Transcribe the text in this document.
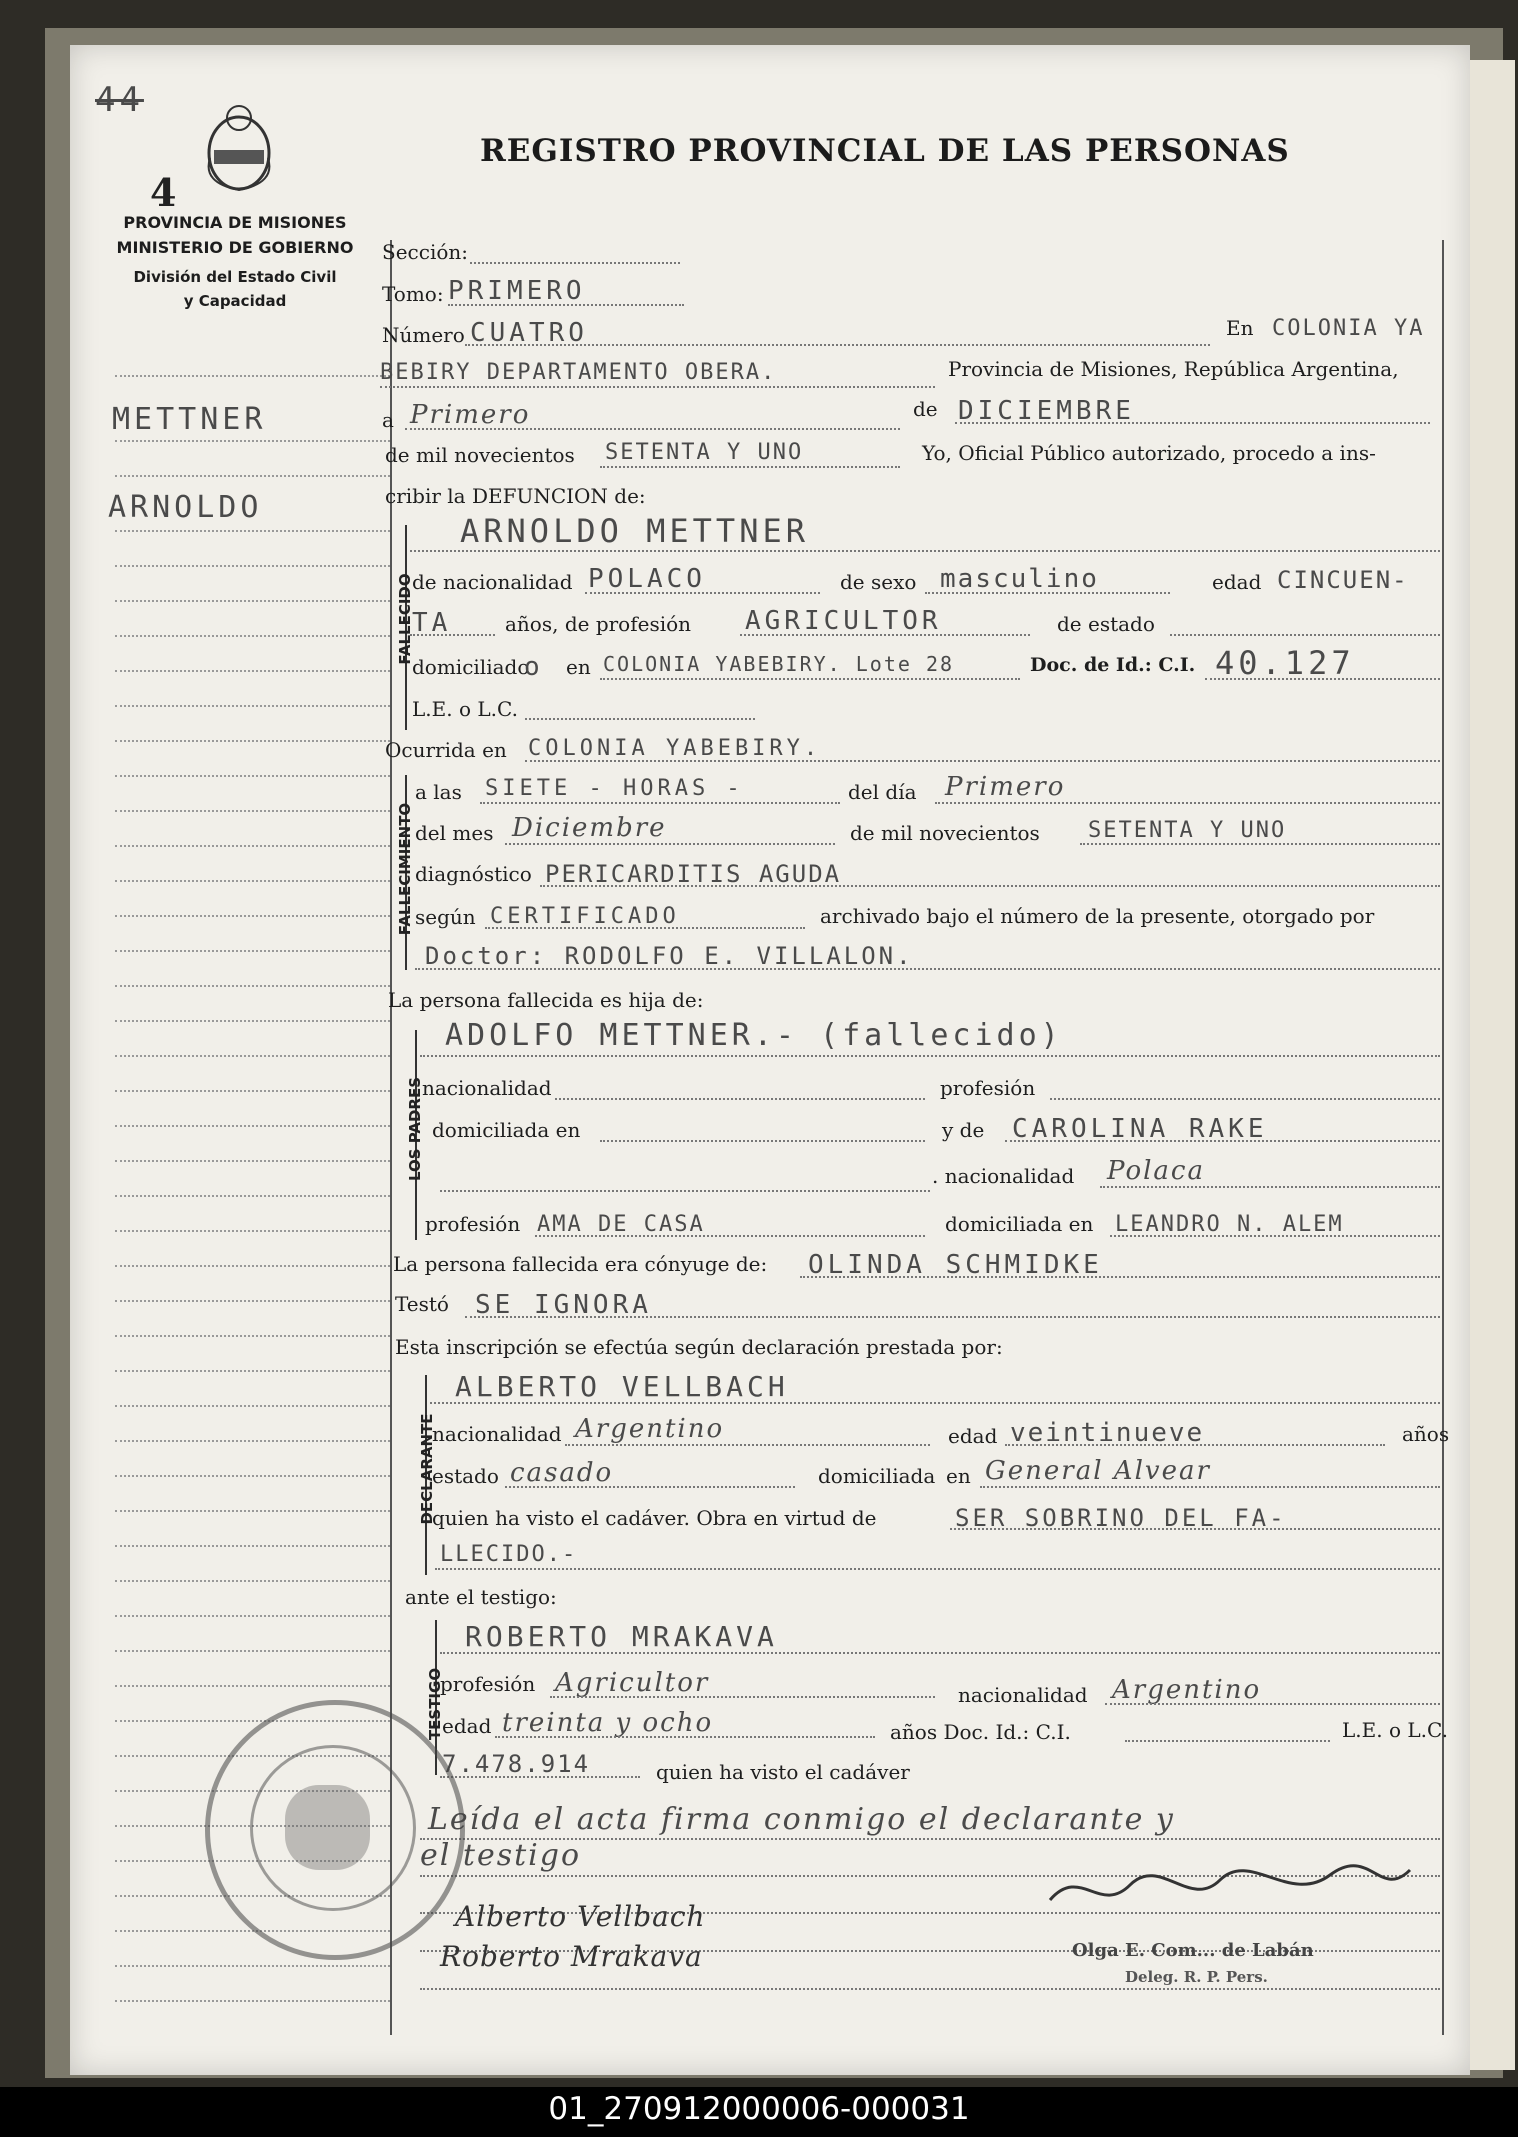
44
4
PROVINCIA DE MISIONES
MINISTERIO DE GOBIERNO
División del Estado Civil
y Capacidad
REGISTRO PROVINCIAL DE LAS PERSONAS
METTNER
ARNOLDO
Sección:
Tomo: PRIMERO
Número CUATRO	En COLONIA YA
BEBIRY DEPARTAMENTO OBERA.	Provincia de Misiones, República Argentina,
a Primero	de DICIEMBRE
de mil novecientos SETENTA Y UNO	Yo, Oficial Público autorizado, procedo a ins-
cribir la DEFUNCION de:
FALLECIDO
ARNOLDO METTNER
de nacionalidad POLACO	de sexo masculino	edad CINCUEN-
TA	años, de profesión AGRICULTOR	de estado
domiciliado
o en COLONIA YABEBIRY. Lote 28	Doc. de Id.: C.I. 40.127
L.E. o L.C.
Ocurrida en COLONIA YABEBIRY.
FALLECIMIENTO
a las SIETE - HORAS -	del día Primero
del mes Diciembre	de mil novecientos SETENTA Y UNO
diagnóstico PERICARDITIS AGUDA
según CERTIFICADO	archivado bajo el número de la presente, otorgado por
Doctor: RODOLFO E. VILLALON.
La persona fallecida es hija de:
LOS PADRES
ADOLFO METTNER.- (fallecido)
nacionalidad	profesión
domiciliada en	y de CAROLINA RAKE
. nacionalidad Polaca
profesión AMA DE CASA	domiciliada en LEANDRO N. ALEM
La persona fallecida era cónyuge de: OLINDA SCHMIDKE
Testó SE IGNORA
Esta inscripción se efectúa según declaración prestada por:
DECLARANTE
ALBERTO VELLBACH
nacionalidad Argentino	edad veintinueve	años
estado casado	domiciliada en General Alvear
quien ha visto el cadáver. Obra en virtud de	SER SOBRINO DEL FA-
LLECIDO.-
ante el testigo:
TESTIGO
ROBERTO MRAKAVA
profesión Agricultor	nacionalidad Argentino
edad treinta y ocho	años Doc. Id.: C.I.	L.E. o L.C.
7.478.914	quien ha visto el cadáver
Leída el acta firma conmigo el declarante y
el testigo
Alberto Vellbach
Roberto Mrakava	Olga E. Com... de Labán
Deleg. R. P. Pers.
01_270912000006-000031
